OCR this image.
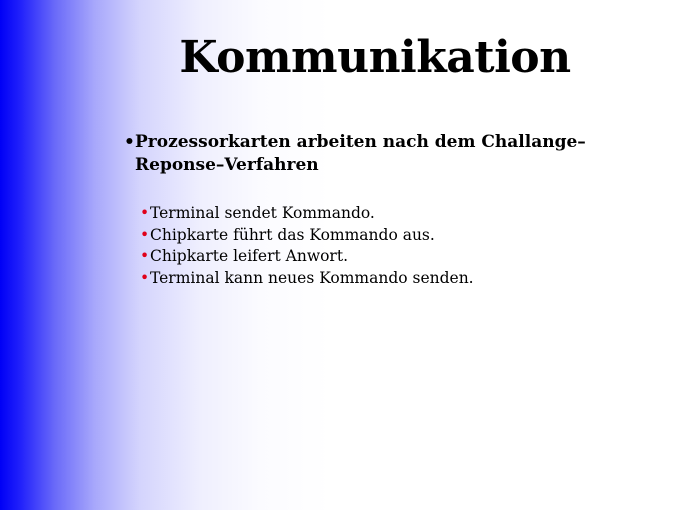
Kommunikation
• Prozessorkarten arbeiten nach dem Challange–Reponse–Verfahren
• Terminal sendet Kommando.
• Chipkarte führt das Kommando aus.
• Chipkarte leifert Anwort.
• Terminal kann neues Kommando senden.
